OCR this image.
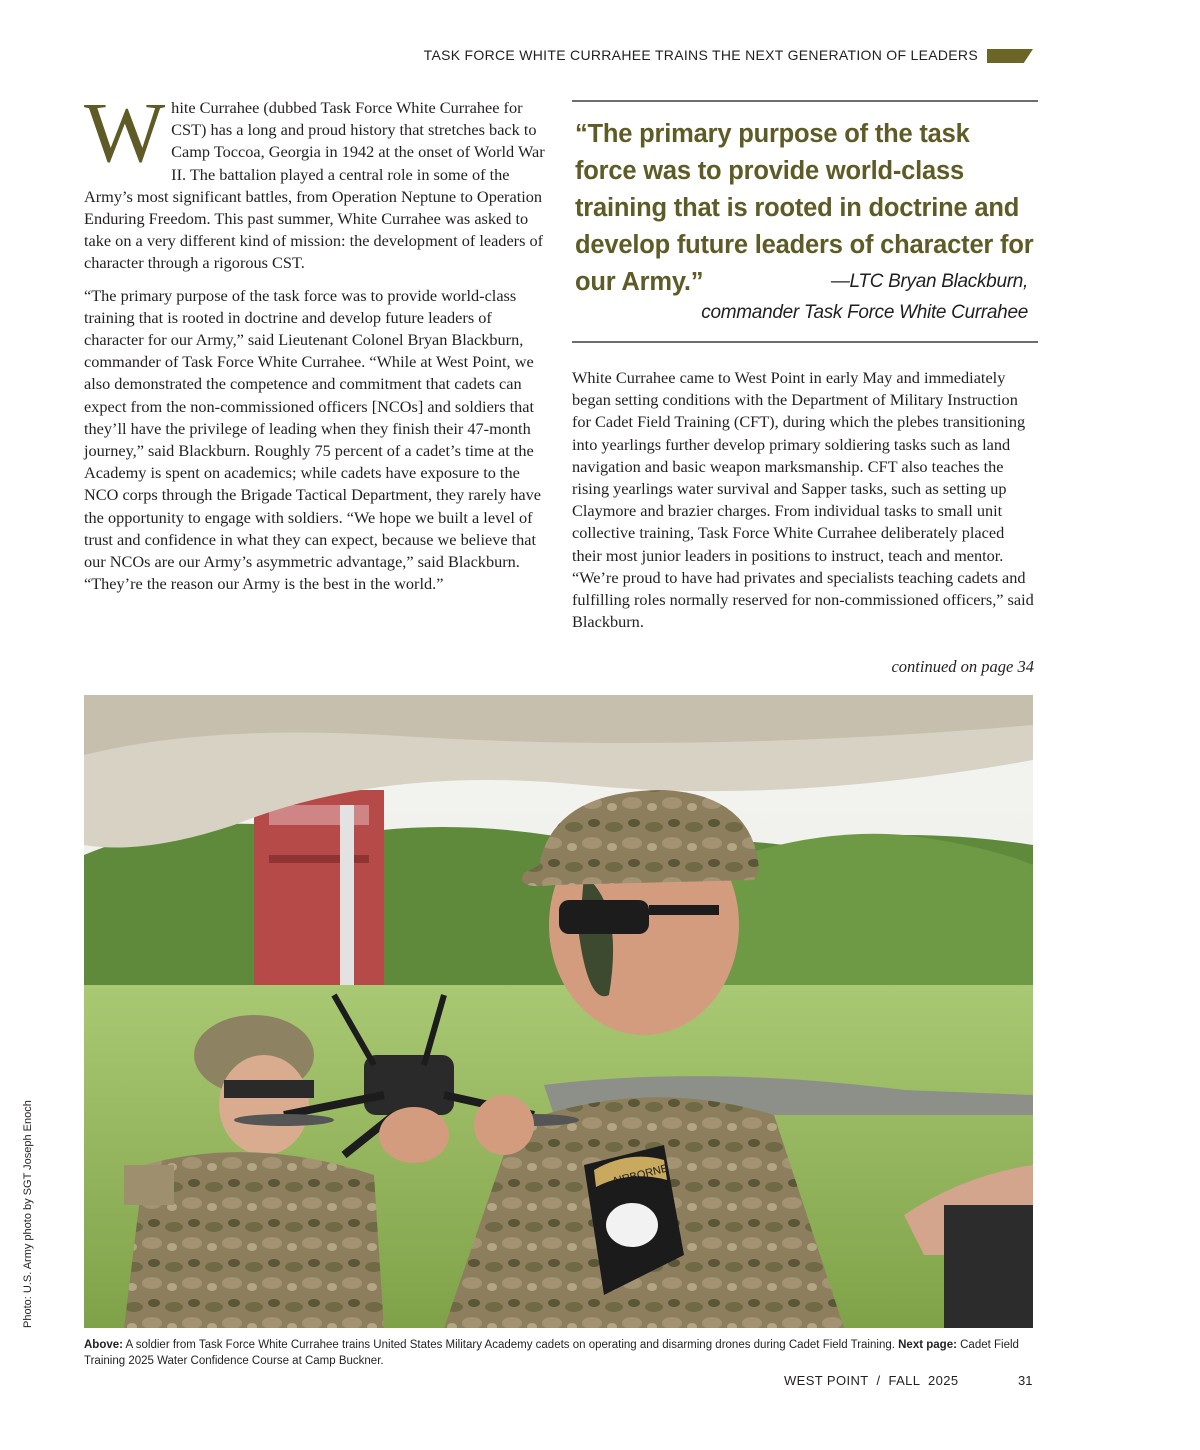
TASK FORCE WHITE CURRAHEE TRAINS THE NEXT GENERATION OF LEADERS

White Currahee (dubbed Task Force White Currahee for CST) has a long and proud history that stretches back to Camp Toccoa, Georgia in 1942 at the onset of World War II. The battalion played a central role in some of the Army’s most significant battles, from Operation Neptune to Operation Enduring Freedom. This past summer, White Currahee was asked to take on a very different kind of mission: the development of leaders of character through a rigorous CST.

“The primary purpose of the task force was to provide world-class training that is rooted in doctrine and develop future leaders of character for our Army,” said Lieutenant Colonel Bryan Blackburn, commander of Task Force White Currahee. “While at West Point, we also demonstrated the competence and commitment that cadets can expect from the non-commissioned officers [NCOs] and soldiers that they’ll have the privilege of leading when they finish their 47-month journey,” said Blackburn. Roughly 75 percent of a cadet’s time at the Academy is spent on academics; while cadets have exposure to the NCO corps through the Brigade Tactical Department, they rarely have the opportunity to engage with soldiers. “We hope we built a level of trust and confidence in what they can expect, because we believe that our NCOs are our Army’s asymmetric advantage,” said Blackburn. “They’re the reason our Army is the best in the world.”

“The primary purpose of the task force was to provide world-class training that is rooted in doctrine and develop future leaders of character for our Army.”	—LTC Bryan Blackburn,
commander Task Force White Currahee

White Currahee came to West Point in early May and immediately began setting conditions with the Department of Military Instruction for Cadet Field Training (CFT), during which the plebes transitioning into yearlings further develop primary soldiering tasks such as land navigation and basic weapon marksmanship. CFT also teaches the rising yearlings water survival and Sapper tasks, such as setting up Claymore and brazier charges. From individual tasks to small unit collective training, Task Force White Currahee deliberately placed their most junior leaders in positions to instruct, teach and mentor. “We’re proud to have had privates and specialists teaching cadets and fulfilling roles normally reserved for non-commissioned officers,” said Blackburn.

continued on page 34
AIRBORNE
Photo: U.S. Army photo by SGT Joseph Enoch
Above: A soldier from Task Force White Currahee trains United States Military Academy cadets on operating and disarming drones during Cadet Field Training. Next page: Cadet Field Training 2025 Water Confidence Course at Camp Buckner.
WEST POINT  /  FALL  2025	31
